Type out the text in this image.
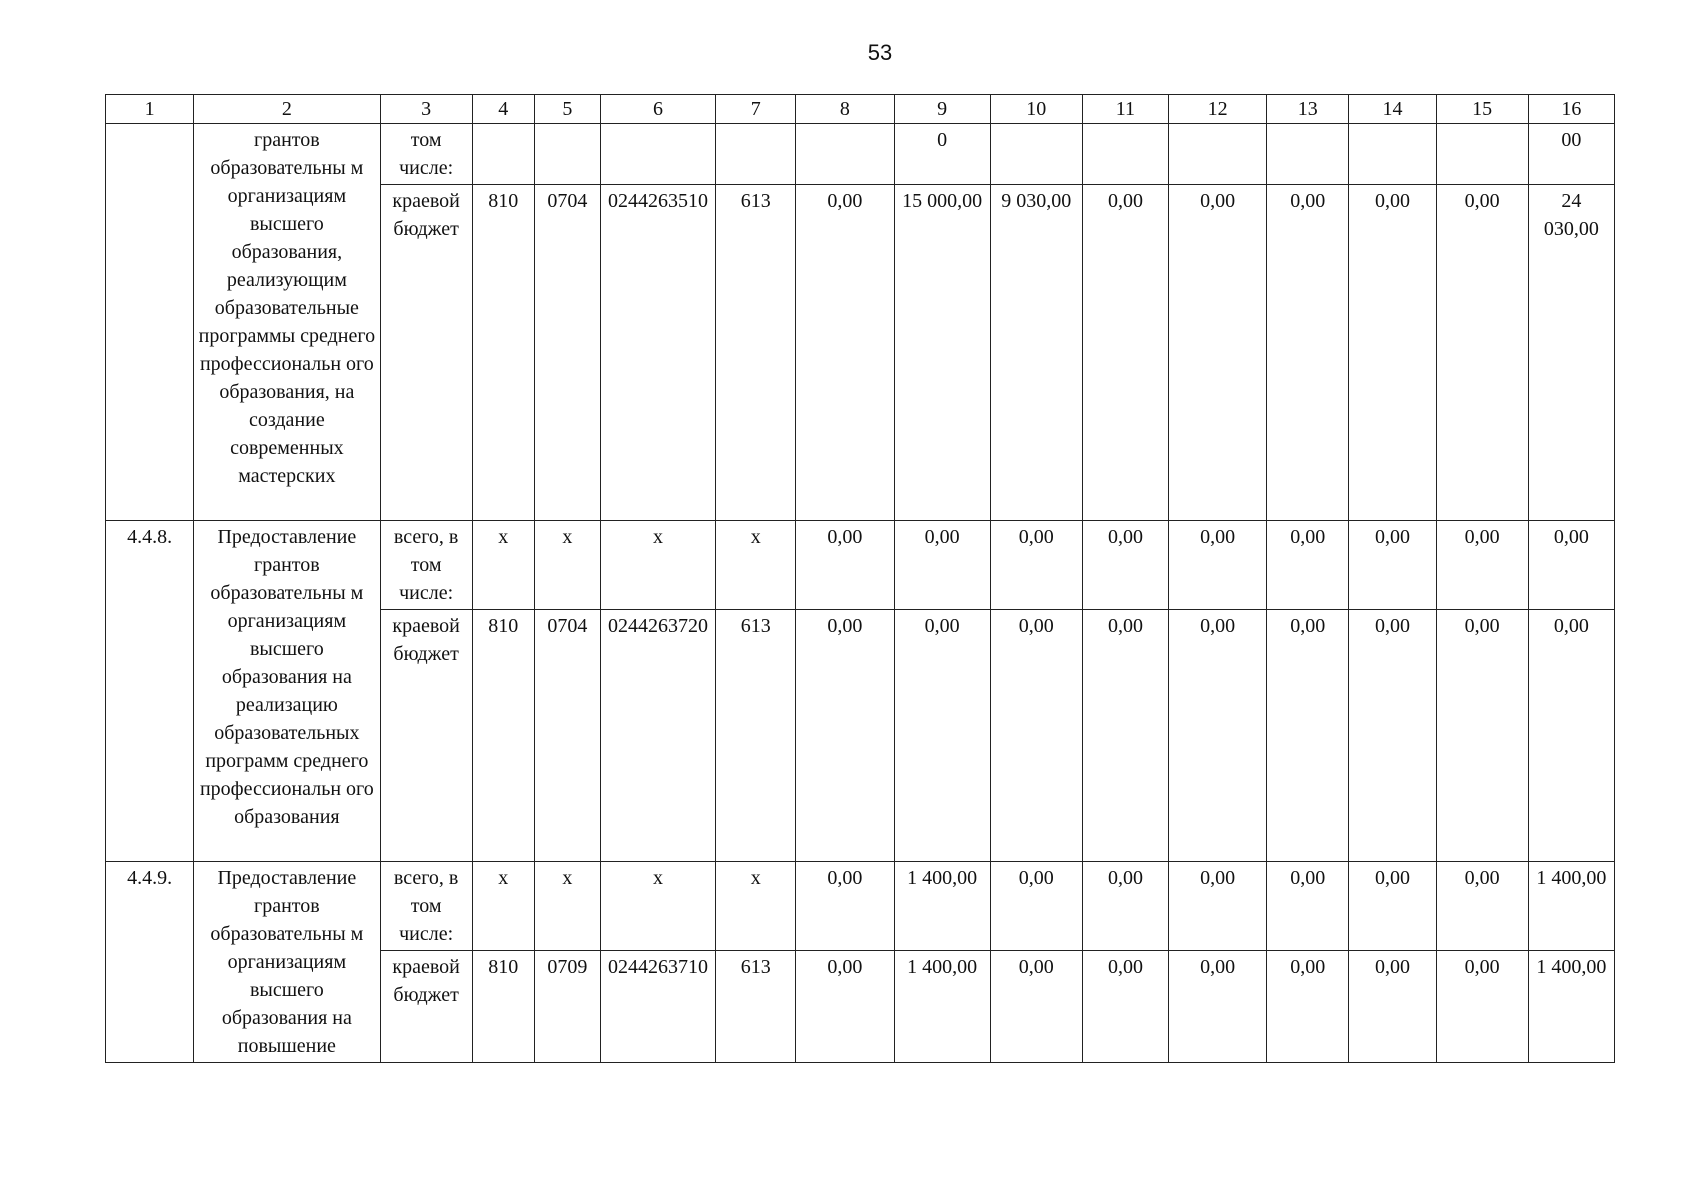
53
1	2	3	4	5	6	7	8	9	10	11	12	13	14	15	16
	грантов образовательны м организациям высшего образования, реализующим образовательные программы среднего профессиональн ого образования, на создание современных мастерских	том числе:						0							00
		краевой бюджет	810	0704	0244263510	613	0,00	15 000,00	9 030,00	0,00	0,00	0,00	0,00	0,00	24 030,00
4.4.8.	Предоставление грантов образовательны м организациям высшего образования на реализацию образовательных программ среднего профессиональн ого образования	всего, в том числе:	х	х	х	х	0,00	0,00	0,00	0,00	0,00	0,00	0,00	0,00	0,00
		краевой бюджет	810	0704	0244263720	613	0,00	0,00	0,00	0,00	0,00	0,00	0,00	0,00	0,00
4.4.9.	Предоставление грантов образовательны м организациям высшего образования на повышение	всего, в том числе:	х	х	х	х	0,00	1 400,00	0,00	0,00	0,00	0,00	0,00	0,00	1 400,00
		краевой бюджет	810	0709	0244263710	613	0,00	1 400,00	0,00	0,00	0,00	0,00	0,00	0,00	1 400,00
